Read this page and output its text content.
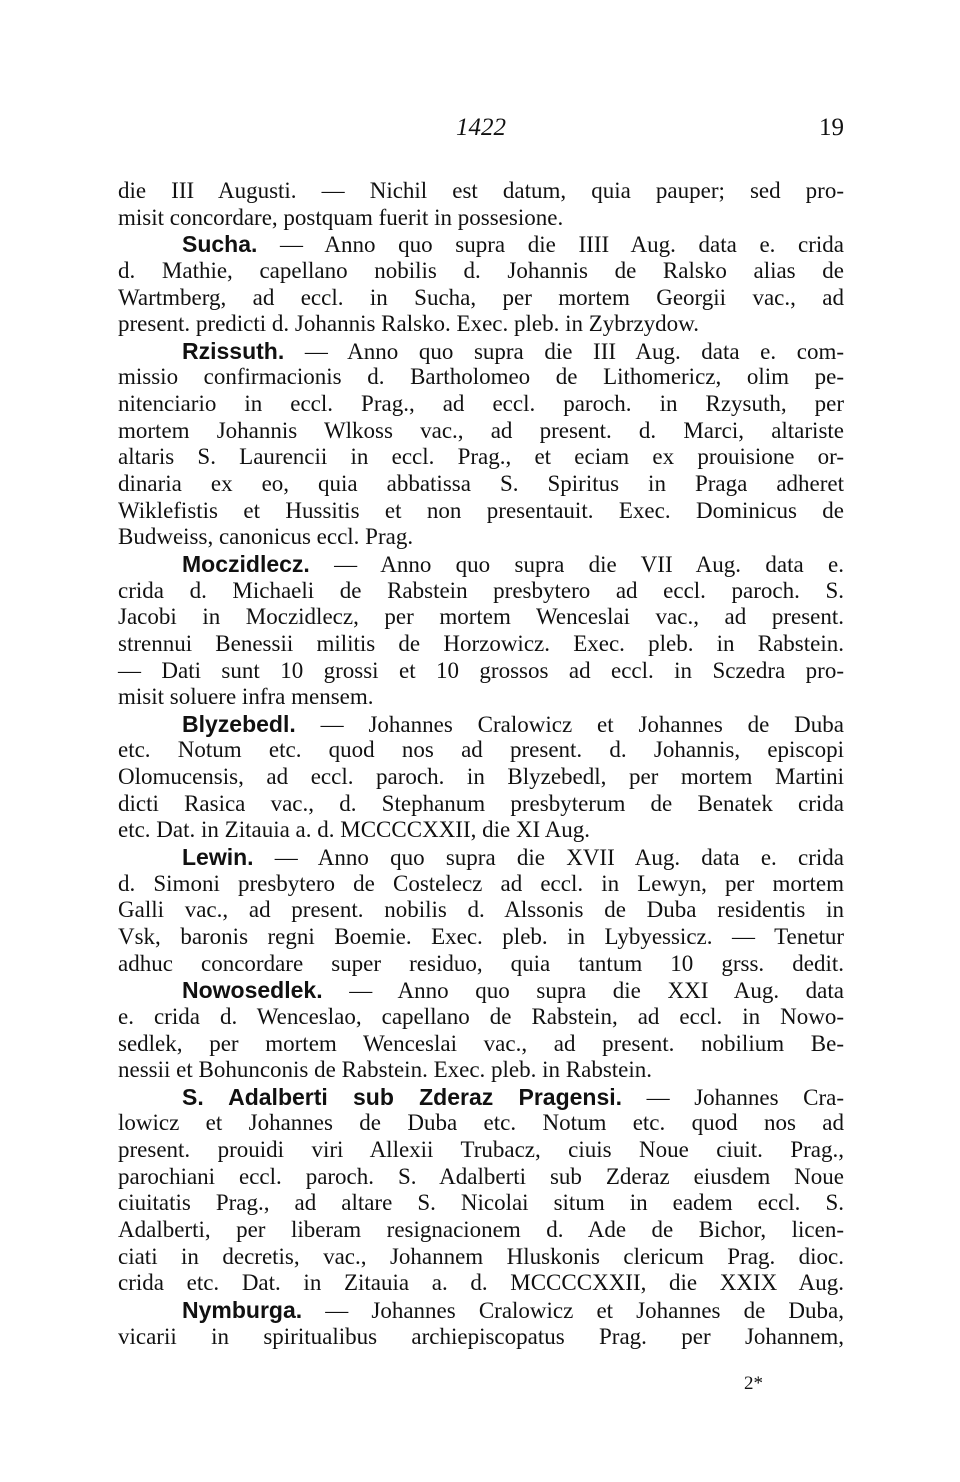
1422	19
die III Augusti. — Nichil est datum, quia pauper; sed pro-
misit concordare, postquam fuerit in possesione.
Sucha. — Anno quo supra die IIII Aug. data e. crida
d. Mathie, capellano nobilis d. Johannis de Ralsko alias de
Wartmberg, ad eccl. in Sucha, per mortem Georgii vac., ad
present. predicti d. Johannis Ralsko. Exec. pleb. in Zybrzydow.
Rzissuth. — Anno quo supra die III Aug. data e. com-
missio confirmacionis d. Bartholomeo de Lithomericz, olim pe-
nitenciario in eccl. Prag., ad eccl. paroch. in Rzysuth, per
mortem Johannis Wlkoss vac., ad present. d. Marci, altariste
altaris S. Laurencii in eccl. Prag., et eciam ex prouisione or-
dinaria ex eo, quia abbatissa S. Spiritus in Praga adheret
Wiklefistis et Hussitis et non presentauit. Exec. Dominicus de
Budweiss, canonicus eccl. Prag.
Moczidlecz. — Anno quo supra die VII Aug. data e.
crida d. Michaeli de Rabstein presbytero ad eccl. paroch. S.
Jacobi in Moczidlecz, per mortem Wenceslai vac., ad present.
strennui Benessii militis de Horzowicz. Exec. pleb. in Rabstein.
— Dati sunt 10 grossi et 10 grossos ad eccl. in Sczedra pro-
misit soluere infra mensem.
Blyzebedl. — Johannes Cralowicz et Johannes de Duba
etc. Notum etc. quod nos ad present. d. Johannis, episcopi
Olomucensis, ad eccl. paroch. in Blyzebedl, per mortem Martini
dicti Rasica vac., d. Stephanum presbyterum de Benatek crida
etc. Dat. in Zitauia a. d. MCCCCXXII, die XI Aug.
Lewin. — Anno quo supra die XVII Aug. data e. crida
d. Simoni presbytero de Costelecz ad eccl. in Lewyn, per mortem
Galli vac., ad present. nobilis d. Alssonis de Duba residentis in
Vsk, baronis regni Boemie. Exec. pleb. in Lybyessicz. — Tenetur
adhuc concordare super residuo, quia tantum 10 grss. dedit.
Nowosedlek. — Anno quo supra die XXI Aug. data
e. crida d. Wenceslao, capellano de Rabstein, ad eccl. in Nowo-
sedlek, per mortem Wenceslai vac., ad present. nobilium Be-
nessii et Bohunconis de Rabstein. Exec. pleb. in Rabstein.
S. Adalberti sub Zderaz Pragensi. — Johannes Cra-
lowicz et Johannes de Duba etc. Notum etc. quod nos ad
present. prouidi viri Allexii Trubacz, ciuis Noue ciuit. Prag.,
parochiani eccl. paroch. S. Adalberti sub Zderaz eiusdem Noue
ciuitatis Prag., ad altare S. Nicolai situm in eadem eccl. S.
Adalberti, per liberam resignacionem d. Ade de Bichor, licen-
ciati in decretis, vac., Johannem Hluskonis clericum Prag. dioc.
crida etc. Dat. in Zitauia a. d. MCCCCXXII, die XXIX Aug.
Nymburga. — Johannes Cralowicz et Johannes de Duba,
vicarii in spiritualibus archiepiscopatus Prag. per Johannem,
2*
